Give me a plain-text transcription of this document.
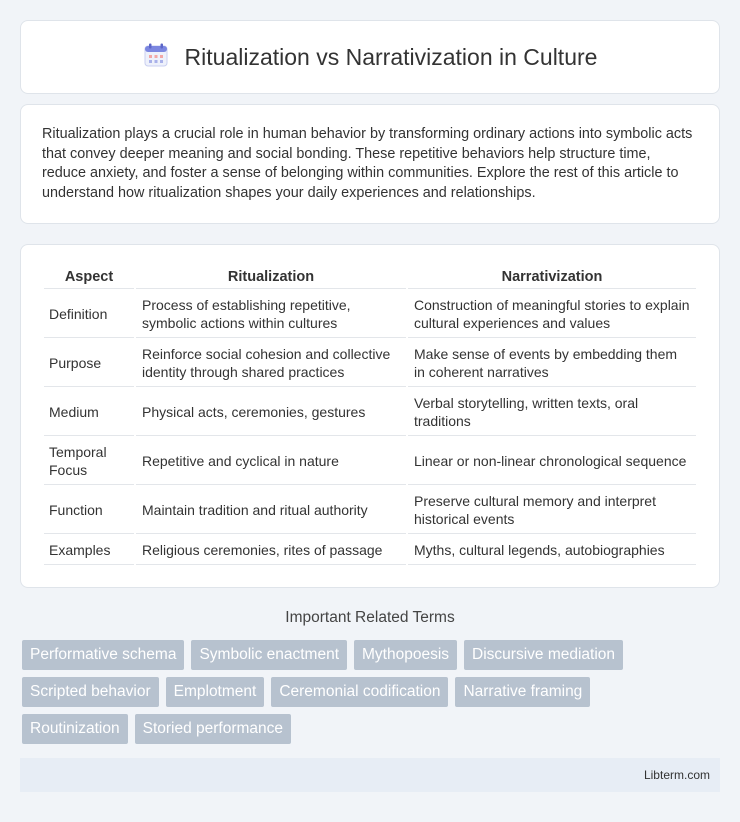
Ritualization vs Narrativization in Culture

Ritualization plays a crucial role in human behavior by transforming ordinary actions into symbolic acts that convey deeper meaning and social bonding. These repetitive behaviors help structure time, reduce anxiety, and foster a sense of belonging within communities. Explore the rest of this article to understand how ritualization shapes your daily experiences and relationships.

Aspect	Ritualization	Narrativization
Definition	Process of establishing repetitive, symbolic actions within cultures	Construction of meaningful stories to explain cultural experiences and values
Purpose	Reinforce social cohesion and collective identity through shared practices	Make sense of events by embedding them in coherent narratives
Medium	Physical acts, ceremonies, gestures	Verbal storytelling, written texts, oral traditions
Temporal Focus	Repetitive and cyclical in nature	Linear or non-linear chronological sequence
Function	Maintain tradition and ritual authority	Preserve cultural memory and interpret historical events
Examples	Religious ceremonies, rites of passage	Myths, cultural legends, autobiographies
Important Related Terms
Performative schema	Symbolic enactment	Mythopoesis	Discursive mediation
Scripted behavior	Emplotment	Ceremonial codification	Narrative framing
Routinization	Storied performance
Libterm.com
